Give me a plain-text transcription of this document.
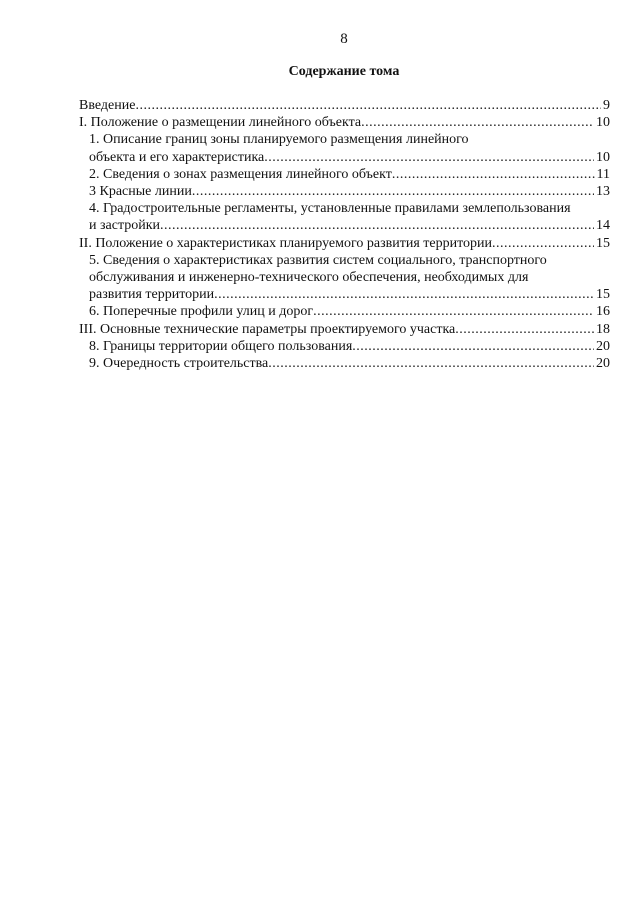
8
Содержание тома
Введение .....	9
I. Положение о размещении линейного объекта .....	10
1. Описание границ зоны планируемого размещения линейного
объекта и его характеристика .....	10
2. Сведения о зонах размещения линейного объект .....	11
3 Красные линии .....	13
4. Градостроительные регламенты, установленные правилами землепользования
и застройки .....	14
II. Положение о характеристиках планируемого развития территории .....	15
5. Сведения о характеристиках развития систем социального, транспортного
обслуживания и инженерно-технического обеспечения, необходимых для
развития территории .....	15
6. Поперечные профили улиц и дорог .....	16
III. Основные технические параметры проектируемого участка .....	18
8. Границы территории общего пользования .....	20
9. Очередность строительства .....	20
